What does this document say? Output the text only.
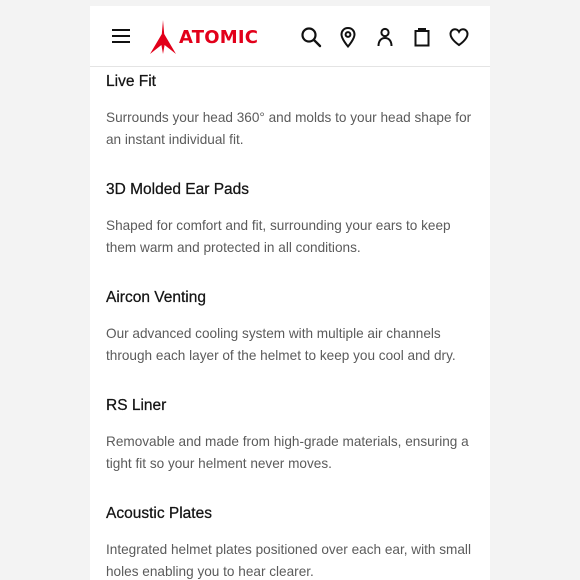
ATOMIC
Live Fit

Surrounds your head 360° and molds to your head shape for an instant individual fit.

3D Molded Ear Pads

Shaped for comfort and fit, surrounding your ears to keep them warm and protected in all conditions.

Aircon Venting

Our advanced cooling system with multiple air channels through each layer of the helmet to keep you cool and dry.

RS Liner

Removable and made from high-grade materials, ensuring a tight fit so your helment never moves.

Acoustic Plates

Integrated helmet plates positioned over each ear, with small holes enabling you to hear clearer.
